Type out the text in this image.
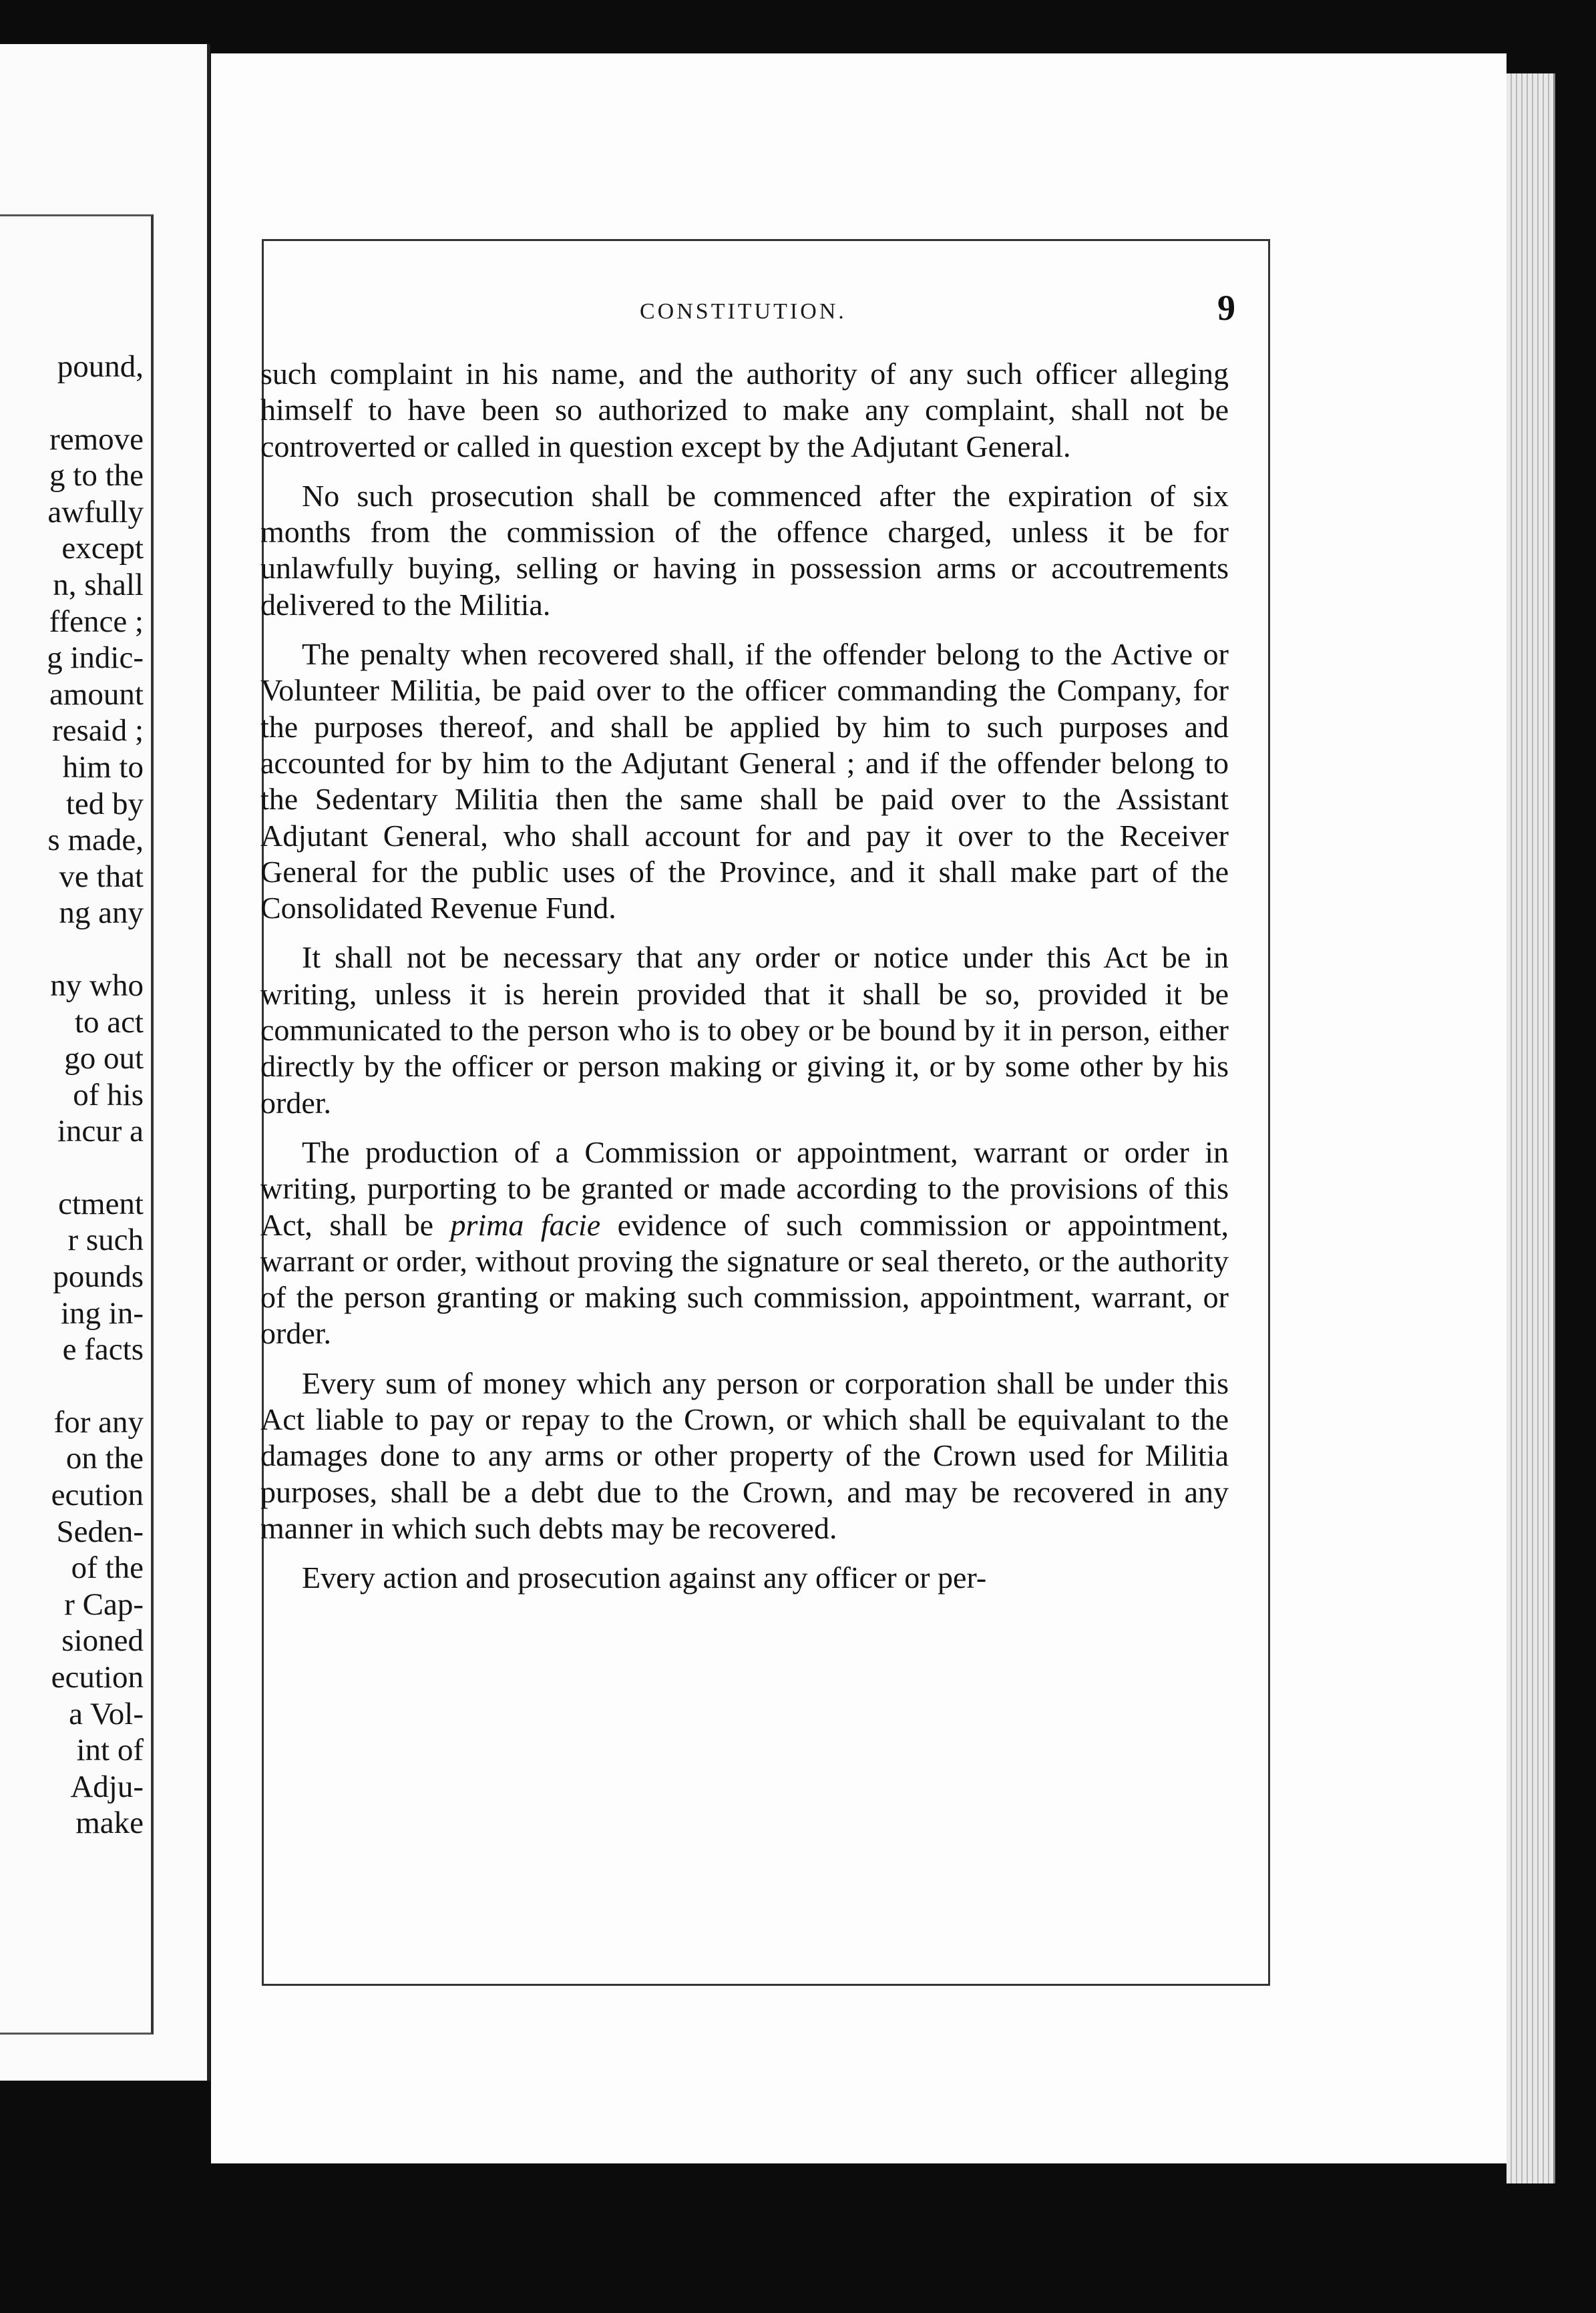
pound,
remove
g to the
awfully
except
n, shall
ffence ;
g indic-
amount
resaid ;
him to
ted by
s made,
ve that
ng any
ny who
to act
go out
of his
incur a
ctment
r such
pounds
ing in-
e facts
for any
on the
ecution
Seden-
of the
r Cap-
sioned
ecution
a Vol-
int of
Adju-
make
CONSTITUTION.	9

such complaint in his name, and the authority of any such officer alleging himself to have been so authorized to make any complaint, shall not be controverted or called in question except by the Adjutant General.

No such prosecution shall be commenced after the expiration of six months from the commission of the offence charged, unless it be for unlawfully buying, selling or having in possession arms or accoutrements delivered to the Militia.

The penalty when recovered shall, if the offender belong to the Active or Volunteer Militia, be paid over to the officer commanding the Company, for the purposes thereof, and shall be applied by him to such purposes and accounted for by him to the Adjutant General ; and if the offender belong to the Sedentary Militia then the same shall be paid over to the Assistant Adjutant General, who shall account for and pay it over to the Receiver General for the public uses of the Province, and it shall make part of the Consolidated Revenue Fund.

It shall not be necessary that any order or notice under this Act be in writing, unless it is herein provided that it shall be so, provided it be communicated to the person who is to obey or be bound by it in person, either directly by the officer or person making or giving it, or by some other by his order.

The production of a Commission or appointment, warrant or order in writing, purporting to be granted or made according to the provisions of this Act, shall be prima facie evidence of such commission or appointment, warrant or order, without proving the signature or seal thereto, or the authority of the person granting or making such commission, appointment, warrant, or order.

Every sum of money which any person or corporation shall be under this Act liable to pay or repay to the Crown, or which shall be equivalant to the damages done to any arms or other property of the Crown used for Militia purposes, shall be a debt due to the Crown, and may be recovered in any manner in which such debts may be recovered.

Every action and prosecution against any officer or per-
